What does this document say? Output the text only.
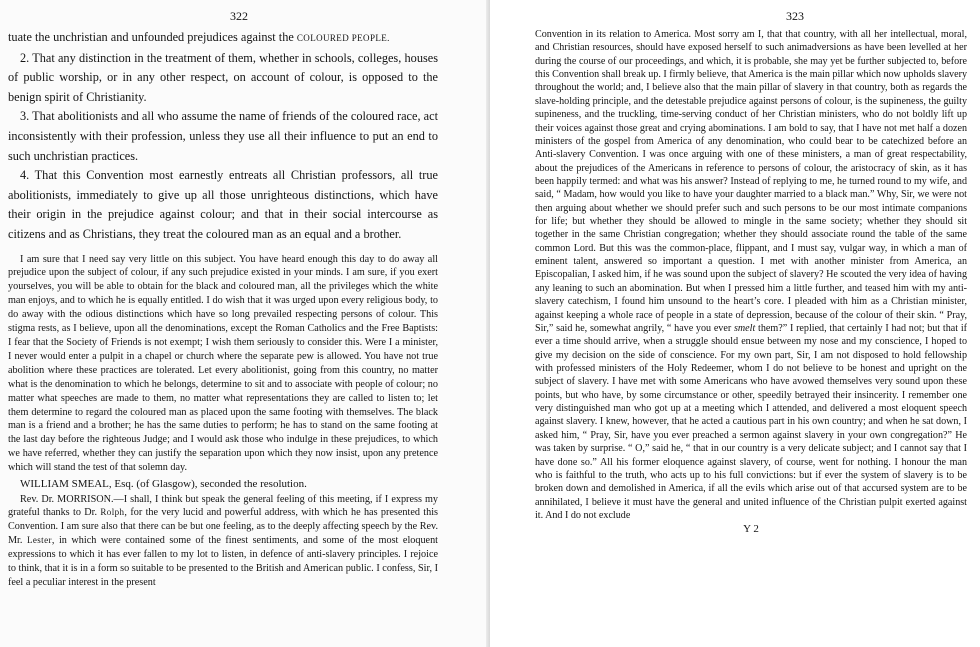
322

tuate the unchristian and unfounded prejudices against the COLOURED PEOPLE.

2. That any distinction in the treatment of them, whether in schools, colleges, houses of public worship, or in any other respect, on account of colour, is opposed to the benign spirit of Christianity.

3. That abolitionists and all who assume the name of friends of the coloured race, act inconsistently with their profession, unless they use all their influence to put an end to such unchristian practices.

4. That this Convention most earnestly entreats all Christian professors, all true abolitionists, immediately to give up all those unrighteous distinctions, which have their origin in the prejudice against colour; and that in their social intercourse as citizens and as Christians, they treat the coloured man as an equal and a brother.

I am sure that I need say very little on this subject. You have heard enough this day to do away all prejudice upon the subject of colour, if any such prejudice existed in your minds. I am sure, if you exert yourselves, you will be able to obtain for the black and coloured man, all the privileges which the white man enjoys, and to which he is equally entitled. I do wish that it was urged upon every religious body, to do away with the odious distinctions which have so long prevailed respecting persons of colour. This stigma rests, as I believe, upon all the denominations, except the Roman Catholics and the Free Baptists: I fear that the Society of Friends is not exempt; I wish them seriously to consider this. Were I a minister, I never would enter a pulpit in a chapel or church where the separate pew is allowed. You have not true abolition where these practices are tolerated. Let every abolitionist, going from this country, no matter what is the denomination to which he belongs, determine to sit and to associate with people of colour; no matter what speeches are made to them, no matter what representations they are called to listen to; let them determine to regard the coloured man as placed upon the same footing with themselves. The black man is a friend and a brother; he has the same duties to perform; he has to stand on the same footing at the last day before the righteous Judge; and I would ask those who indulge in these prejudices, to which we have referred, whether they can justify the separation upon which they now insist, upon any pretence which will stand the test of that solemn day.

WILLIAM SMEAL, Esq. (of Glasgow), seconded the resolution.

Rev. Dr. MORRISON.—I shall, I think but speak the general feeling of this meeting, if I express my grateful thanks to Dr. Rolph, for the very lucid and powerful address, with which he has presented this Convention. I am sure also that there can be but one feeling, as to the deeply affecting speech by the Rev. Mr. Lester, in which were contained some of the finest sentiments, and some of the most eloquent expressions to which it has ever fallen to my lot to listen, in defence of anti-slavery principles. I rejoice to think, that it is in a form so suitable to be presented to the British and American public. I confess, Sir, I feel a peculiar interest in the present

323

Convention in its relation to America. Most sorry am I, that that country, with all her intellectual, moral, and Christian resources, should have exposed herself to such animadversions as have been levelled at her during the course of our proceedings, and which, it is probable, she may yet be further subjected to, before this Convention shall break up. I firmly believe, that America is the main pillar which now upholds slavery throughout the world; and, I believe also that the main pillar of slavery in that country, both as regards the slave-holding principle, and the detestable prejudice against persons of colour, is the supineness, the guilty supineness, and the truckling, time-serving conduct of her Christian ministers, who do not boldly lift up their voices against those great and crying abominations. I am bold to say, that I have not met half a dozen ministers of the gospel from America of any denomination, who could bear to be catechized before an Anti-slavery Convention. I was once arguing with one of these ministers, a man of great respectability, about the prejudices of the Americans in reference to persons of colour, the aristocracy of skin, as it has been happily termed: and what was his answer? Instead of replying to me, he turned round to my wife, and said, “ Madam, how would you like to have your daughter married to a black man.” Why, Sir, we were not then arguing about whether we should prefer such and such persons to be our most intimate companions for life; but whether they should be allowed to mingle in the same society; whether they should sit together in the same Christian congregation; whether they should associate round the table of the same common Lord. But this was the common-place, flippant, and I must say, vulgar way, in which a man of eminent talent, answered so important a question. I met with another minister from America, an Episcopalian, I asked him, if he was sound upon the subject of slavery? He scouted the very idea of having any leaning to such an abomination. But when I pressed him a little further, and teased him with my anti-slavery catechism, I found him unsound to the heart’s core. I pleaded with him as a Christian minister, against keeping a whole race of people in a state of depression, because of the colour of their skin. “ Pray, Sir,” said he, somewhat angrily, “ have you ever smelt them?” I replied, that certainly I had not; but that if ever a time should arrive, when a struggle should ensue between my nose and my conscience, I hoped to give my decision on the side of conscience. For my own part, Sir, I am not disposed to hold fellowship with professed ministers of the Holy Redeemer, whom I do not believe to be honest and upright on the subject of slavery. I have met with some Americans who have avowed themselves very sound upon these points, but who have, by some circumstance or other, speedily betrayed their insincerity. I remember one very distinguished man who got up at a meeting which I attended, and delivered a most eloquent speech against slavery. I knew, however, that he acted a cautious part in his own country; and when he sat down, I asked him, “ Pray, Sir, have you ever preached a sermon against slavery in your own congregation?” He was taken by surprise. “ O,” said he, “ that in our country is a very delicate subject; and I cannot say that I have done so.” All his former eloquence against slavery, of course, went for nothing. I honour the man who is faithful to the truth, who acts up to his full convictions: but if ever the system of slavery is to be broken down and demolished in America, if all the evils which arise out of that accursed system are to be annihilated, I believe it must have the general and united influence of the Christian pulpit exerted against it. And I do not exclude

Y 2
